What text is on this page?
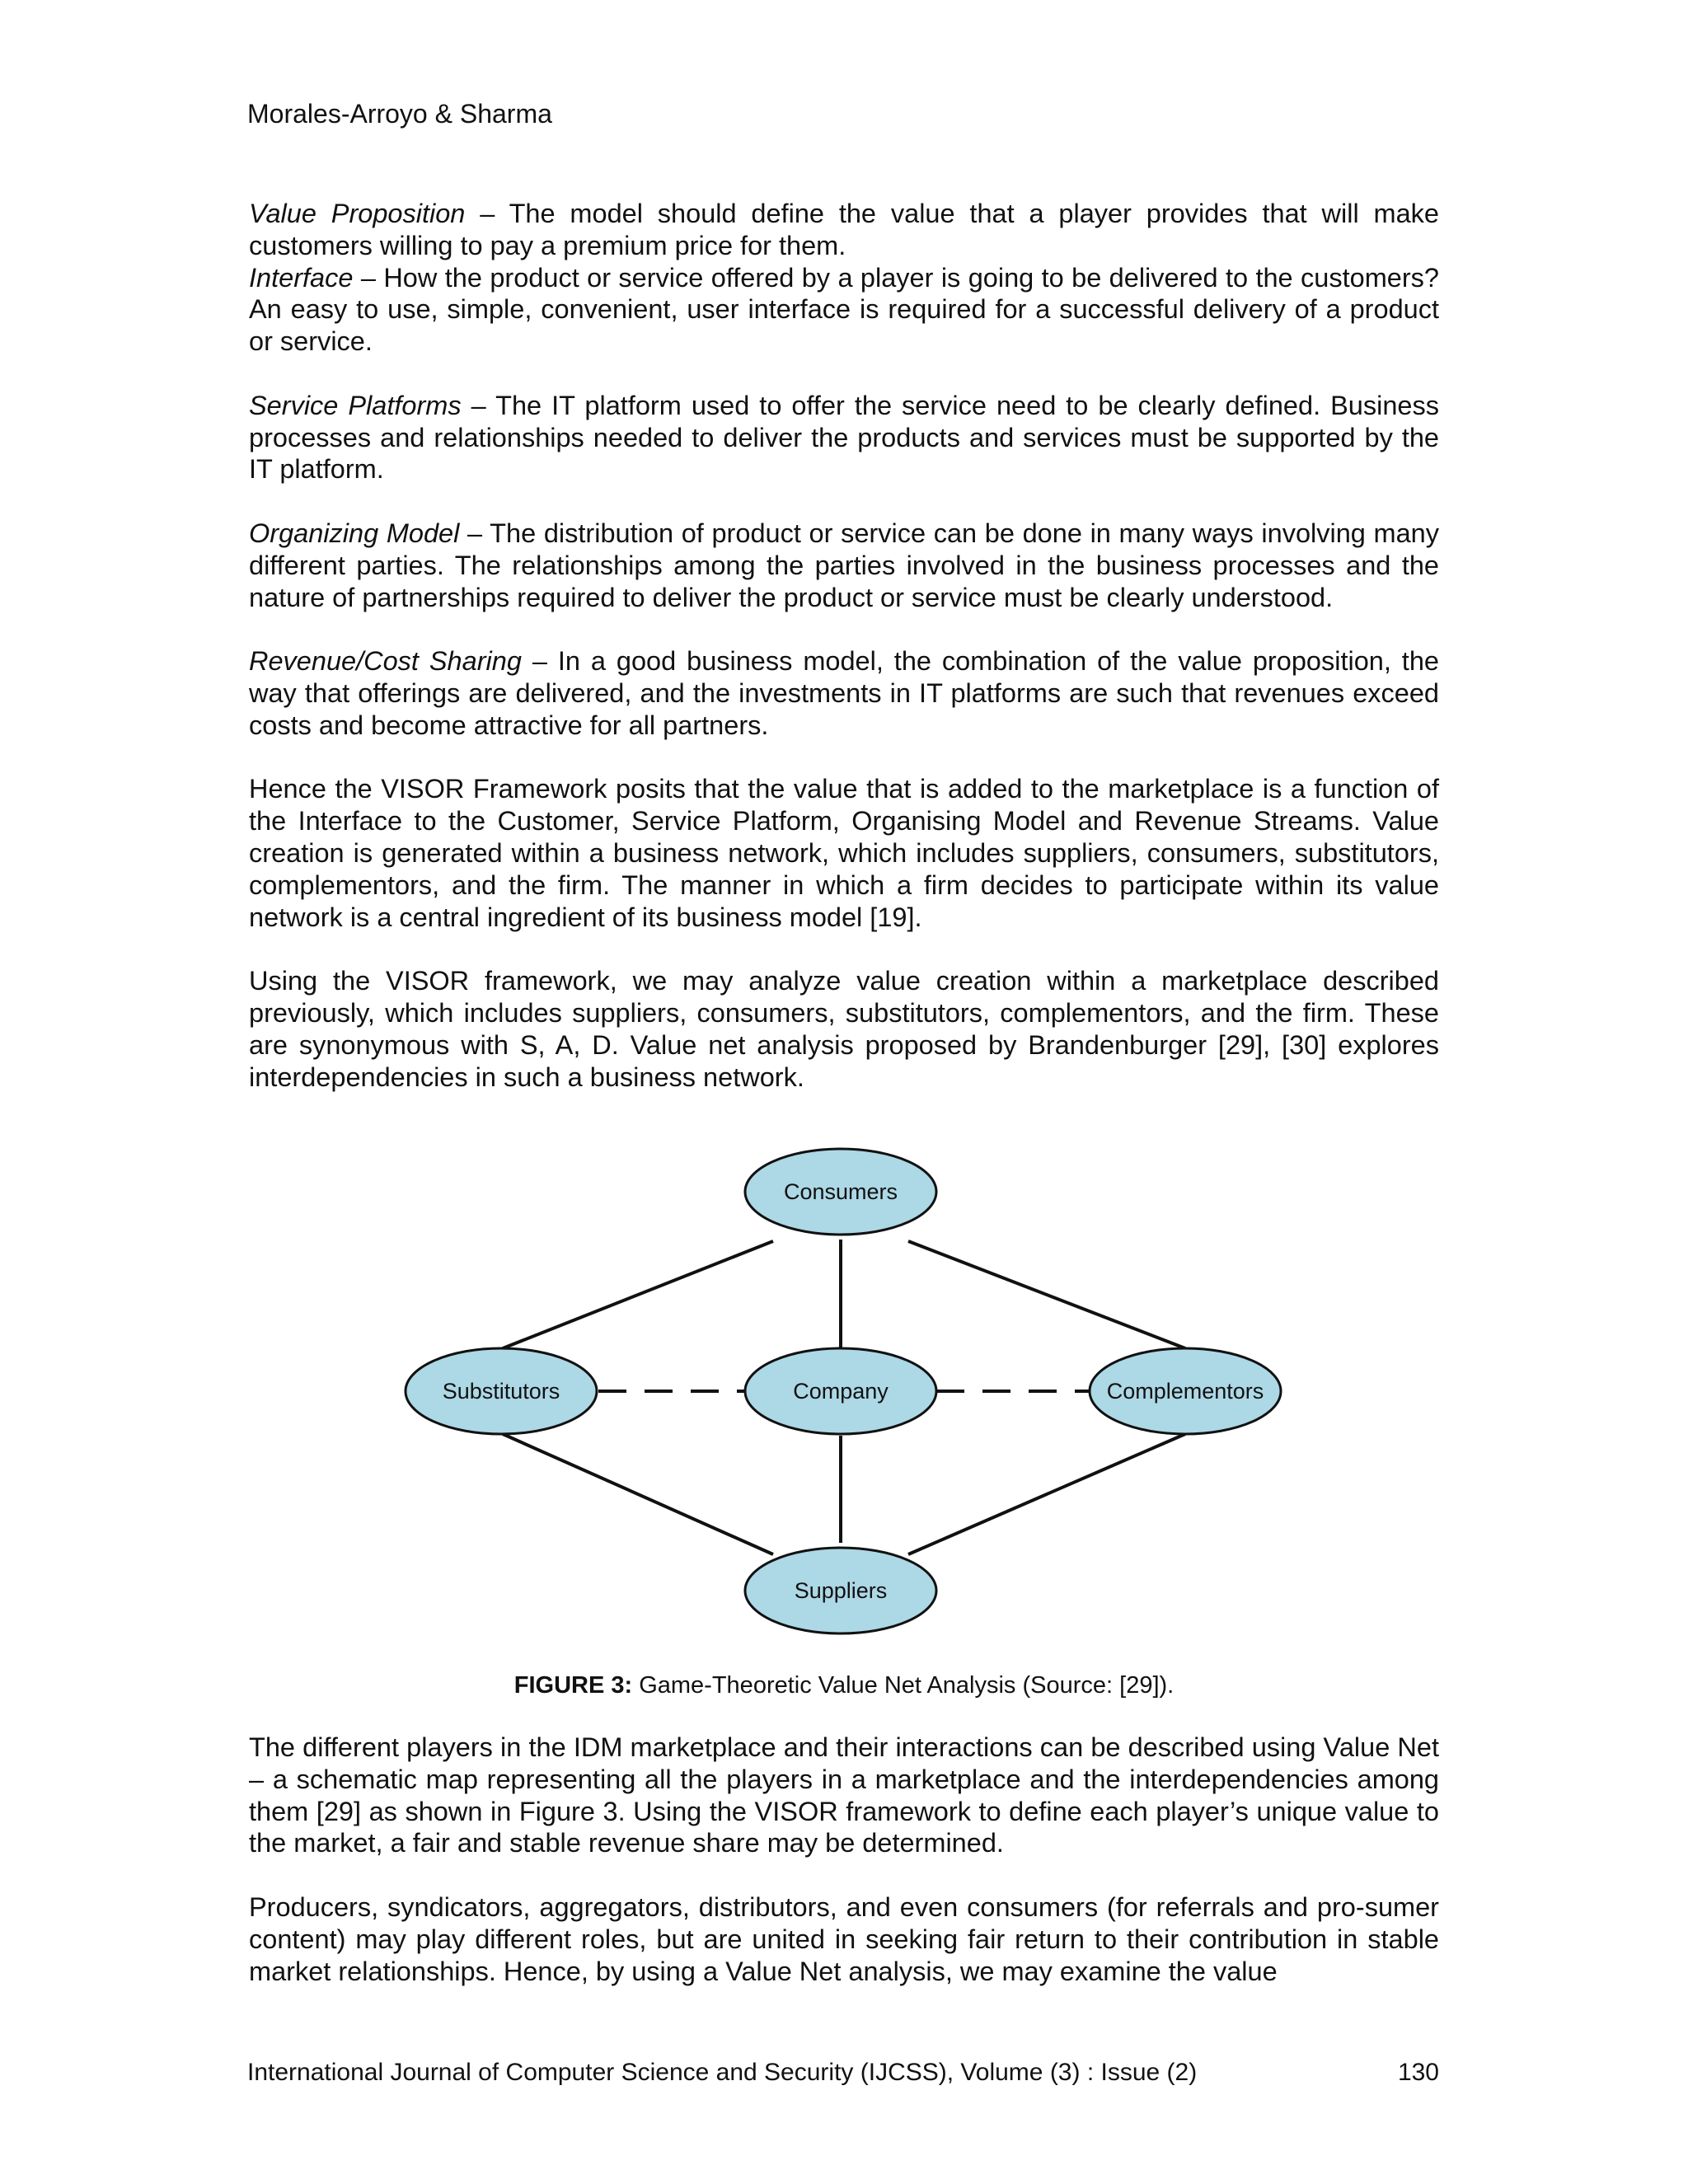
Morales-Arroyo & Sharma

Value Proposition – The model should define the value that a player provides that will make customers willing to pay a premium price for them.

Interface – How the product or service offered by a player is going to be delivered to the customers? An easy to use, simple, convenient, user interface is required for a successful delivery of a product or service.

Service Platforms – The IT platform used to offer the service need to be clearly defined. Business processes and relationships needed to deliver the products and services must be supported by the IT platform.

Organizing Model – The distribution of product or service can be done in many ways involving many different parties. The relationships among the parties involved in the business processes and the nature of partnerships required to deliver the product or service must be clearly understood.

Revenue/Cost Sharing – In a good business model, the combination of the value proposition, the way that offerings are delivered, and the investments in IT platforms are such that revenues exceed costs and become attractive for all partners.

Hence the VISOR Framework posits that the value that is added to the marketplace is a function of the Interface to the Customer, Service Platform, Organising Model and Revenue Streams. Value creation is generated within a business network, which includes suppliers, consumers, substitutors, complementors, and the firm. The manner in which a firm decides to participate within its value network is a central ingredient of its business model [19].

Using the VISOR framework, we may analyze value creation within a marketplace described previously, which includes suppliers, consumers, substitutors, complementors, and the firm. These are synonymous with S, A, D. Value net analysis proposed by Brandenburger [29], [30] explores interdependencies in such a business network.

Consumers
Substitutors	Company	Complementors
Suppliers

FIGURE 3: Game-Theoretic Value Net Analysis (Source: [29]).

The different players in the IDM marketplace and their interactions can be described using Value Net – a schematic map representing all the players in a marketplace and the interdependencies among them [29] as shown in Figure 3. Using the VISOR framework to define each player’s unique value to the market, a fair and stable revenue share may be determined.

Producers, syndicators, aggregators, distributors, and even consumers (for referrals and pro-sumer content) may play different roles, but are united in seeking fair return to their contribution in stable market relationships. Hence, by using a Value Net analysis, we may examine the value

International Journal of Computer Science and Security (IJCSS), Volume (3) : Issue (2)	130
